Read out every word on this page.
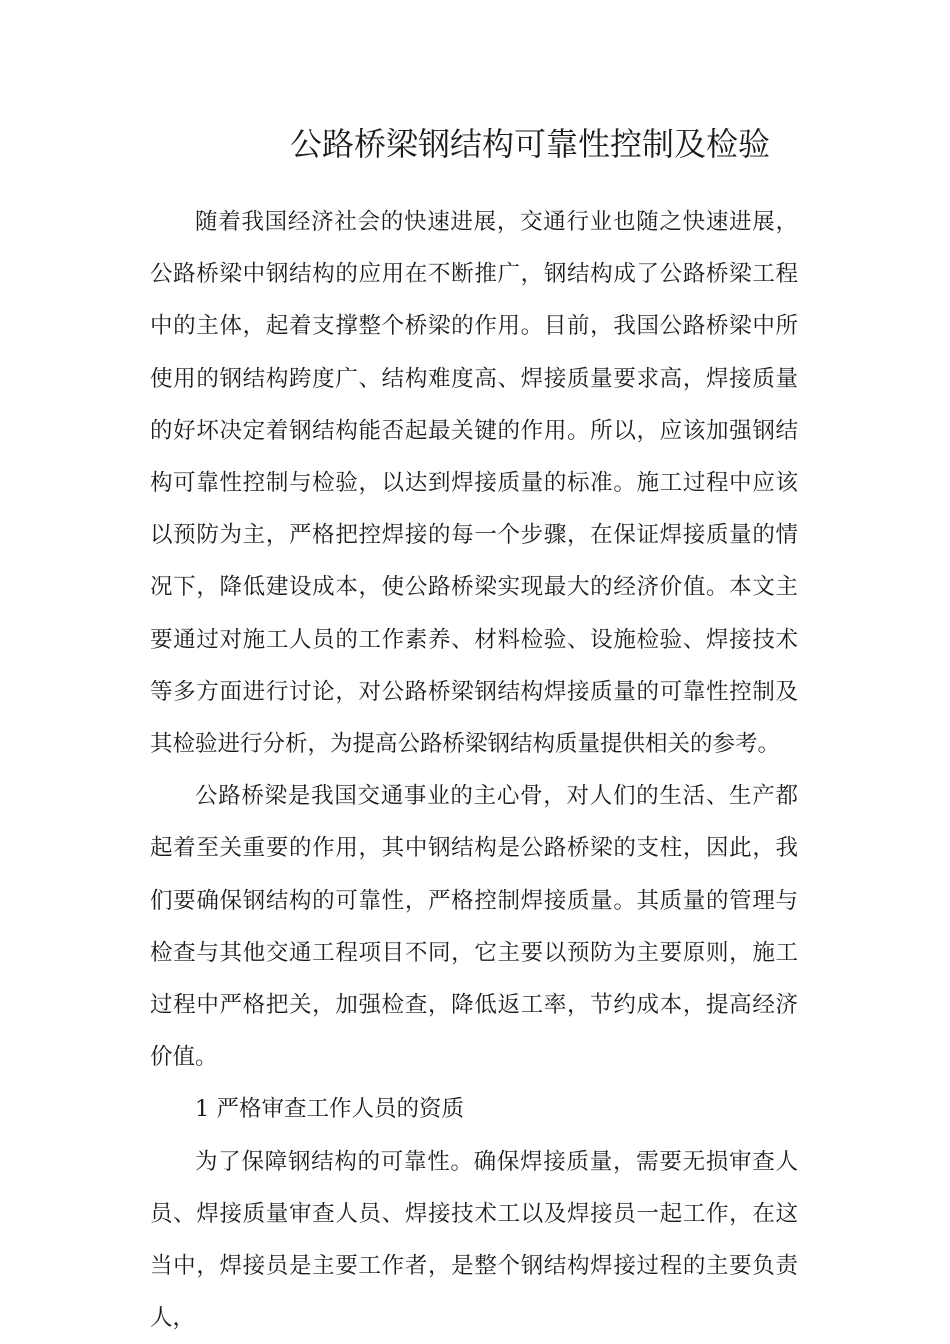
公路桥梁钢结构可靠性控制及检验

随着我国经济社会的快速进展，交通行业也随之快速进展，公路桥梁中钢结构的应用在不断推广，钢结构成了公路桥梁工程中的主体，起着支撑整个桥梁的作用。目前，我国公路桥梁中所使用的钢结构跨度广、结构难度高、焊接质量要求高，焊接质量的好坏决定着钢结构能否起最关键的作用。所以，应该加强钢结构可靠性控制与检验，以达到焊接质量的标准。施工过程中应该以预防为主，严格把控焊接的每一个步骤，在保证焊接质量的情况下，降低建设成本，使公路桥梁实现最大的经济价值。本文主要通过对施工人员的工作素养、材料检验、设施检验、焊接技术等多方面进行讨论，对公路桥梁钢结构焊接质量的可靠性控制及其检验进行分析，为提高公路桥梁钢结构质量提供相关的参考。

公路桥梁是我国交通事业的主心骨，对人们的生活、生产都起着至关重要的作用，其中钢结构是公路桥梁的支柱，因此，我们要确保钢结构的可靠性，严格控制焊接质量。其质量的管理与检查与其他交通工程项目不同，它主要以预防为主要原则，施工过程中严格把关，加强检查，降低返工率，节约成本，提高经济价值。

1 严格审查工作人员的资质

为了保障钢结构的可靠性。确保焊接质量，需要无损审查人员、焊接质量审查人员、焊接技术工以及焊接员一起工作，在这当中，焊接员是主要工作者，是整个钢结构焊接过程的主要负责人，
